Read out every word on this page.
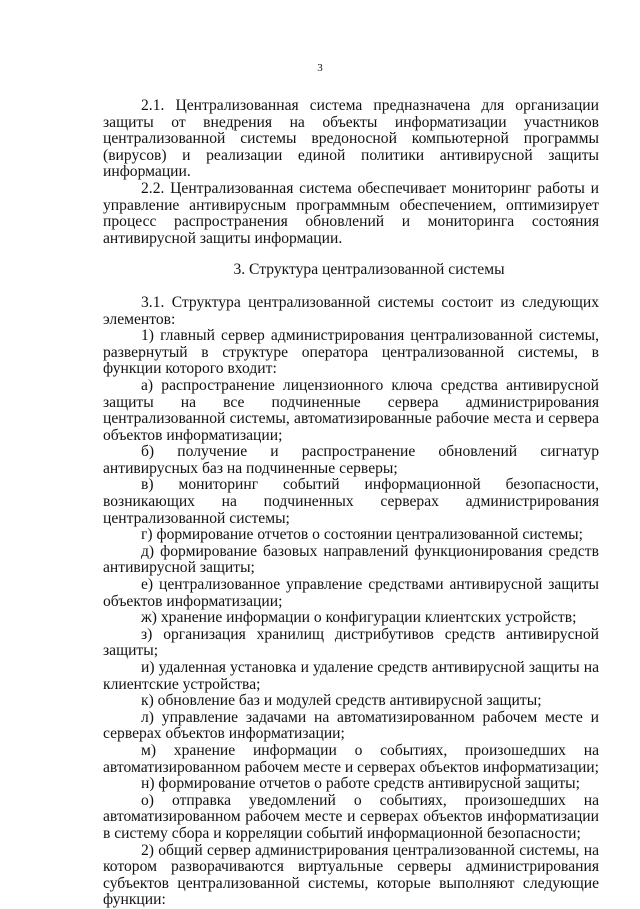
3

2.1. Централизованная система предназначена для организации защиты от внедрения на объекты информатизации участников централизованной системы вредоносной компьютерной программы (вирусов) и реализации единой политики антивирусной защиты информации.

2.2. Централизованная система обеспечивает мониторинг работы и управление антивирусным программным обеспечением, оптимизирует процесс распространения обновлений и мониторинга состояния антивирусной защиты информации.

3. Структура централизованной системы

3.1. Структура централизованной системы состоит из следующих элементов:

1) главный сервер администрирования централизованной системы, развернутый в структуре оператора централизованной системы, в функции которого входит:

а) распространение лицензионного ключа средства антивирусной защиты на все подчиненные сервера администрирования централизованной системы, автоматизированные рабочие места и сервера объектов информатизации;

б) получение и распространение обновлений сигнатур антивирусных баз на подчиненные серверы;

в) мониторинг событий информационной безопасности, возникающих на подчиненных серверах администрирования централизованной системы;

г) формирование отчетов о состоянии централизованной системы;

д) формирование базовых направлений функционирования средств антивирусной защиты;

е) централизованное управление средствами антивирусной защиты объектов информатизации;

ж) хранение информации о конфигурации клиентских устройств;

з) организация хранилищ дистрибутивов средств антивирусной защиты;

и) удаленная установка и удаление средств антивирусной защиты на клиентские устройства;

к) обновление баз и модулей средств антивирусной защиты;

л) управление задачами на автоматизированном рабочем месте и серверах объектов информатизации;

м) хранение информации о событиях, произошедших на автоматизированном рабочем месте и серверах объектов информатизации;

н) формирование отчетов о работе средств антивирусной защиты;

о) отправка уведомлений о событиях, произошедших на автоматизированном рабочем месте и серверах объектов информатизации в систему сбора и корреляции событий информационной безопасности;

2) общий сервер администрирования централизованной системы, на котором разворачиваются виртуальные серверы администрирования субъектов централизованной системы, которые выполняют следующие функции:
